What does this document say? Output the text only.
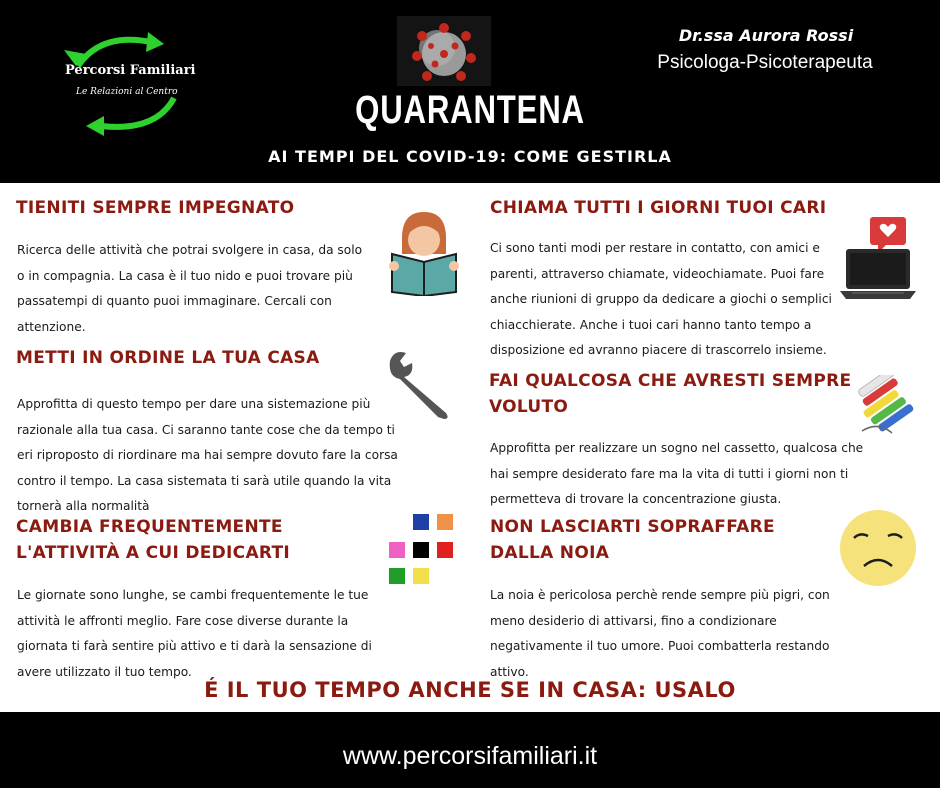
Percorsi Familiari
Le Relazioni al Centro	QUARANTENA
AI TEMPI DEL COVID-19: COME GESTIRLA
Dr.ssa Aurora Rossi
Psicologa-Psicoterapeuta
TIENITI SEMPRE IMPEGNATO

Ricerca delle attività che potrai svolgere in casa, da solo o in compagnia. La casa è il tuo nido e puoi trovare più passatempi di quanto puoi immaginare. Cercali con attenzione.

METTI IN ORDINE LA TUA CASA

Approfitta di questo tempo per dare una sistemazione più razionale alla tua casa. Ci saranno tante cose che da tempo ti eri riproposto di riordinare ma hai sempre dovuto fare la corsa contro il tempo. La casa sistemata ti sarà utile quando la vita tornerà alla normalità

CAMBIA FREQUENTEMENTE L'ATTIVITÀ A CUI DEDICARTI

Le giornate sono lunghe, se cambi frequentemente le tue attività le affronti meglio. Fare cose diverse durante la giornata ti farà sentire più attivo e ti darà la sensazione di avere utilizzato il tuo tempo.

CHIAMA TUTTI I GIORNI TUOI CARI

Ci sono tanti modi per restare in contatto, con amici e parenti, attraverso chiamate, videochiamate. Puoi fare anche riunioni di gruppo da dedicare a giochi o semplici chiacchierate. Anche i tuoi cari hanno tanto tempo a disposizione ed avranno piacere di trascorrelo insieme.

FAI QUALCOSA CHE AVRESTI SEMPRE VOLUTO

Approfitta per realizzare un sogno nel cassetto, qualcosa che hai sempre desiderato fare ma la vita di tutti i giorni non ti permetteva di trovare la concentrazione giusta.

NON LASCIARTI SOPRAFFARE DALLA NOIA

La noia è pericolosa perchè rende sempre più pigri, con meno desiderio di attivarsi, fino a condizionare negativamente il tuo umore. Puoi combatterla restando attivo.

É IL TUO TEMPO ANCHE SE IN CASA: USALO
www.percorsifamiliari.it
